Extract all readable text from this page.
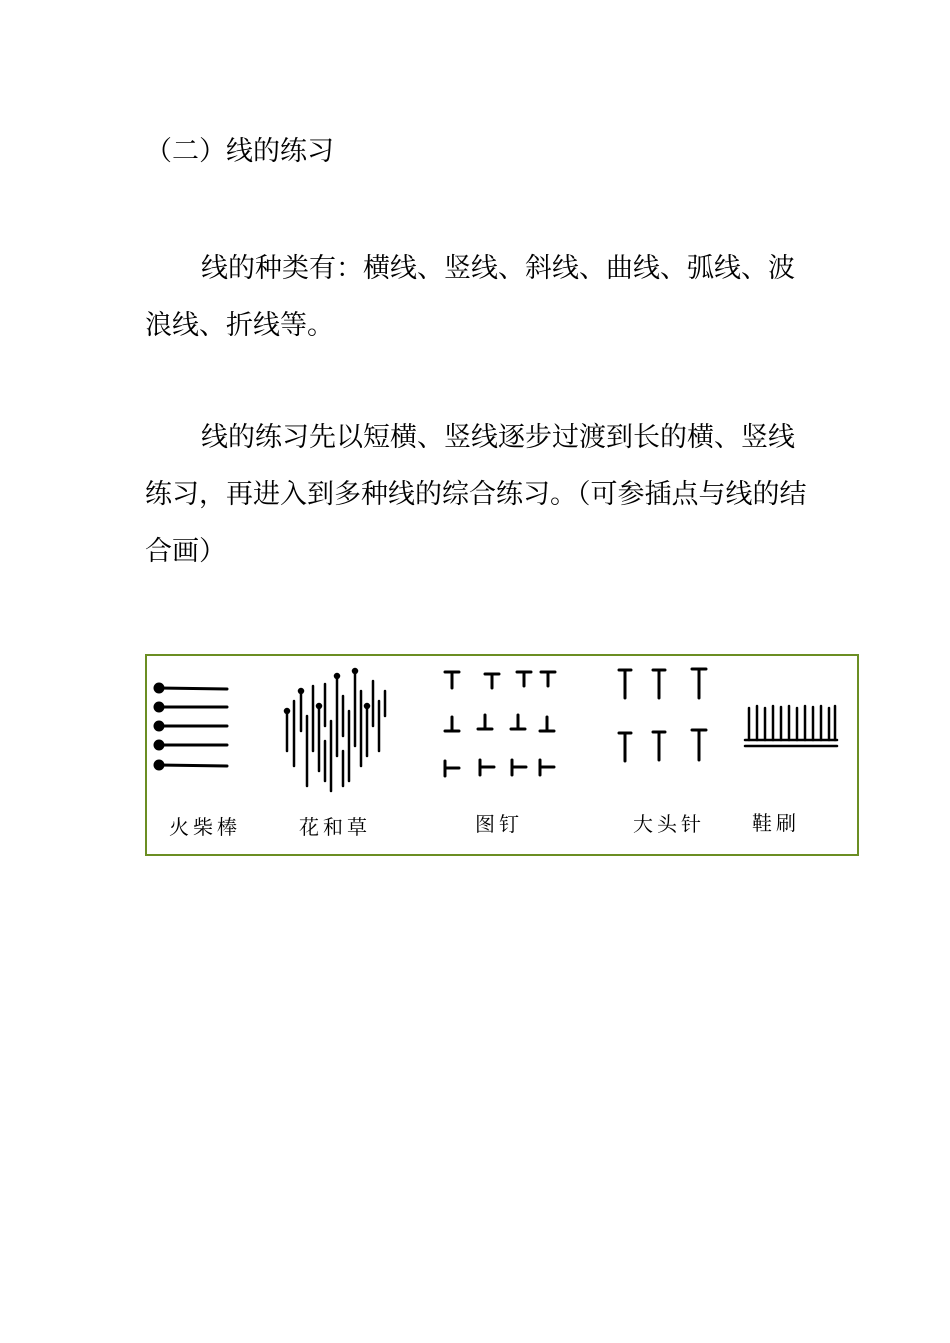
（二）线的练习

线的种类有：横线、竖线、斜线、曲线、弧线、波浪线、折线等。

线的练习先以短横、竖线逐步过渡到长的横、竖线练习，再进入到多种线的综合练习。（可参插点与线的结合画）

火柴棒	花和草	图钉	大头针 鞋刷
